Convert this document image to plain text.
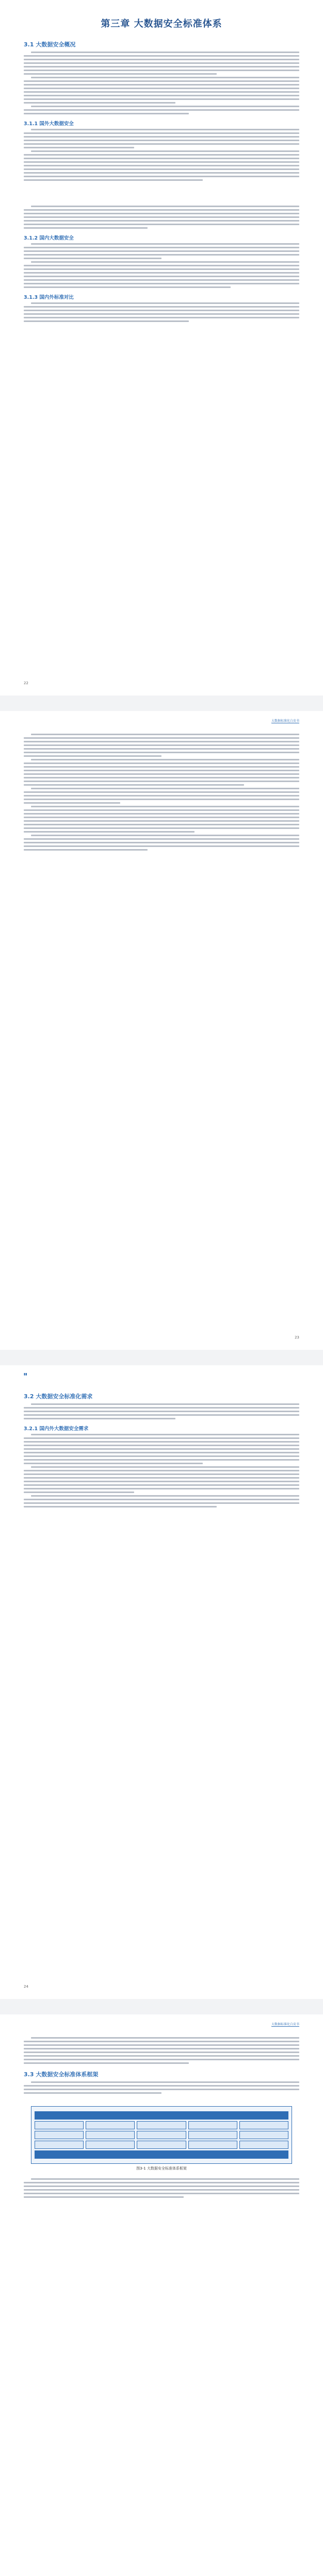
第三章 大数据安全标准体系
3.1 大数据安全概况
3.1.1 国外大数据安全
3.1.2 国内大数据安全
3.1.3 国内外标准对比
22
大数据标准化白皮书
23
▮▮
3.2 大数据安全标准化需求
3.2.1 国内外大数据安全需求
24
大数据标准化白皮书
3.3 大数据安全标准体系框架
图3-1 大数据安全标准体系框架
